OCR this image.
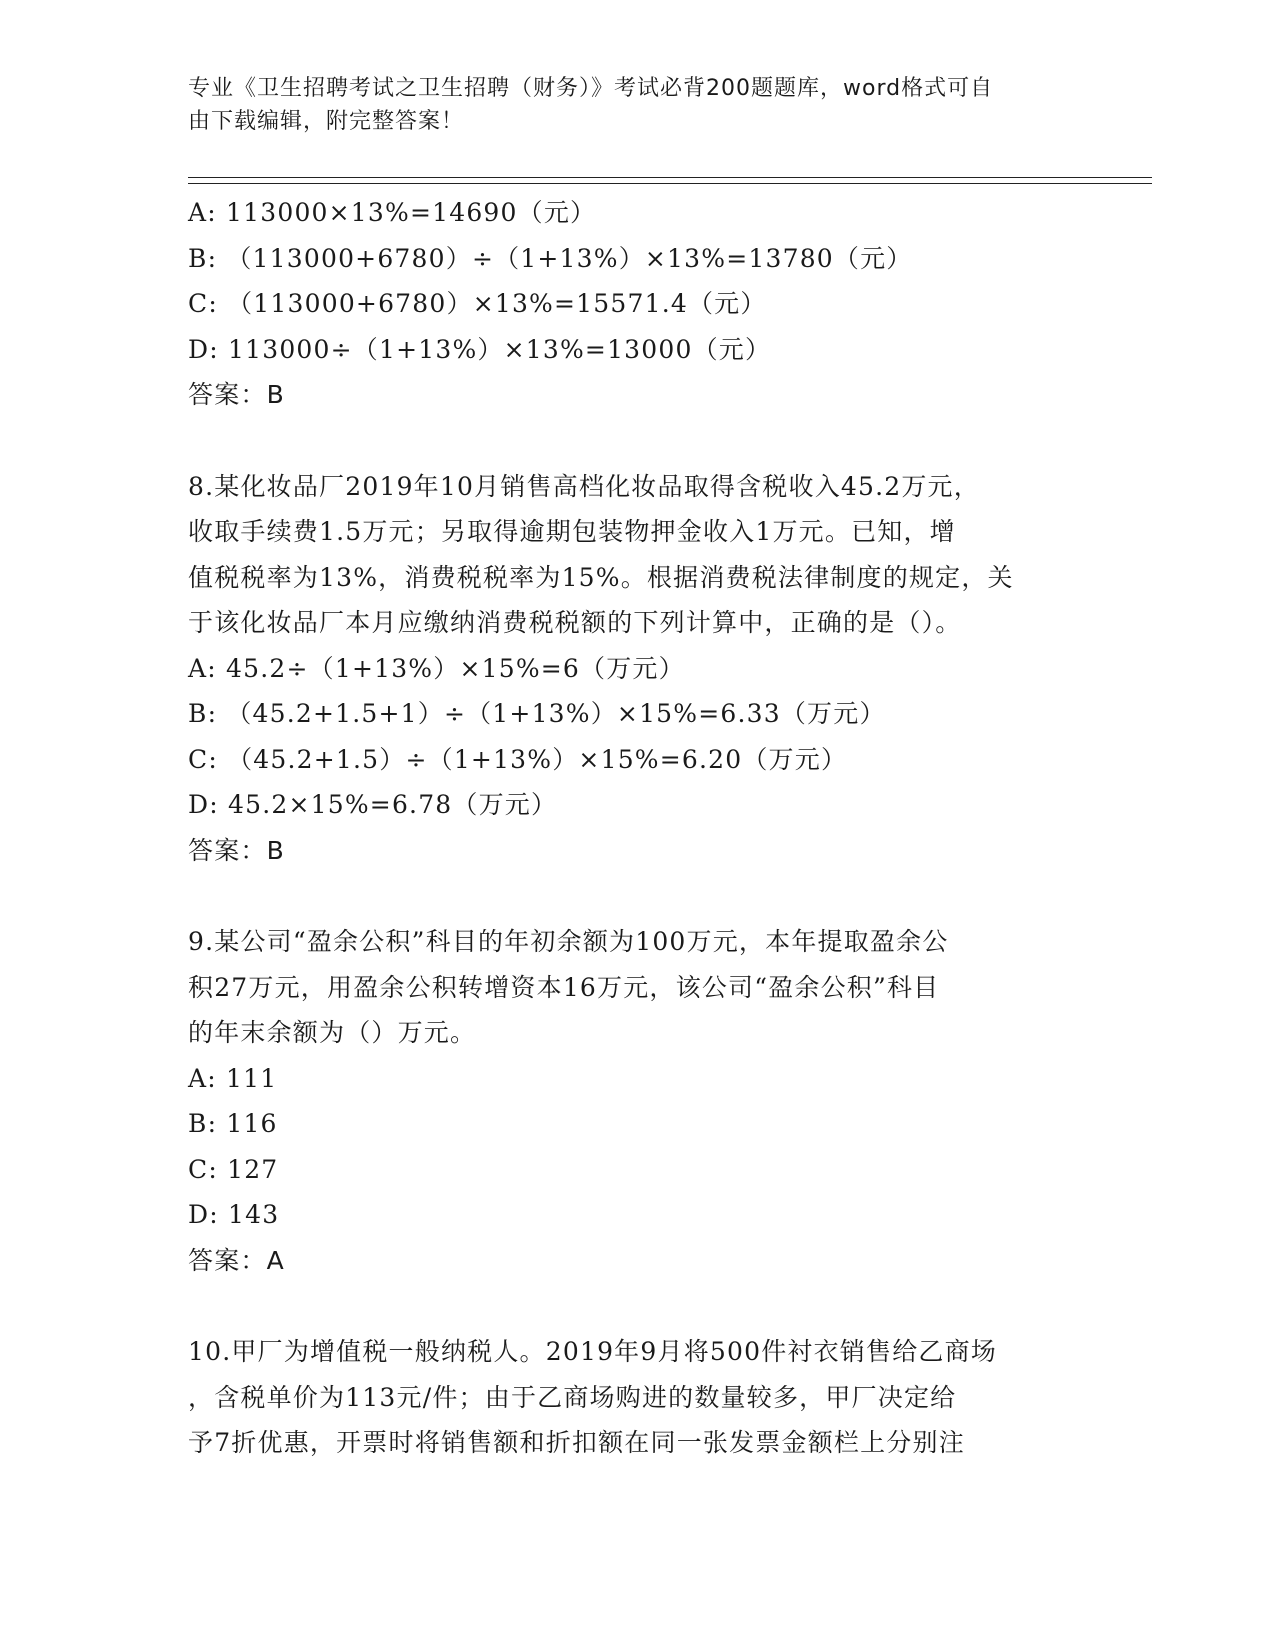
专业《卫生招聘考试之卫生招聘（财务）》考试必背200题题库，word格式可自
由下载编辑，附完整答案！
A: 113000×13%=14690（元）
B: （113000+6780）÷（1+13%）×13%=13780（元）
C: （113000+6780）×13%=15571.4（元）
D: 113000÷（1+13%）×13%=13000（元）
答案：B
8.某化妆品厂2019年10月销售高档化妆品取得含税收入45.2万元，
收取手续费1.5万元；另取得逾期包装物押金收入1万元。已知，增
值税税率为13%，消费税税率为15%。根据消费税法律制度的规定，关
于该化妆品厂本月应缴纳消费税税额的下列计算中，正确的是（）。
A: 45.2÷（1+13%）×15%=6（万元）
B: （45.2+1.5+1）÷（1+13%）×15%=6.33（万元）
C: （45.2+1.5）÷（1+13%）×15%=6.20（万元）
D: 45.2×15%=6.78（万元）
答案：B
9.某公司“盈余公积”科目的年初余额为100万元，本年提取盈余公
积27万元，用盈余公积转增资本16万元，该公司“盈余公积”科目
的年末余额为（）万元。
A: 111
B: 116
C: 127
D: 143
答案：A
10.甲厂为增值税一般纳税人。2019年9月将500件衬衣销售给乙商场
，含税单价为113元/件；由于乙商场购进的数量较多，甲厂决定给
予7折优惠，开票时将销售额和折扣额在同一张发票金额栏上分别注
